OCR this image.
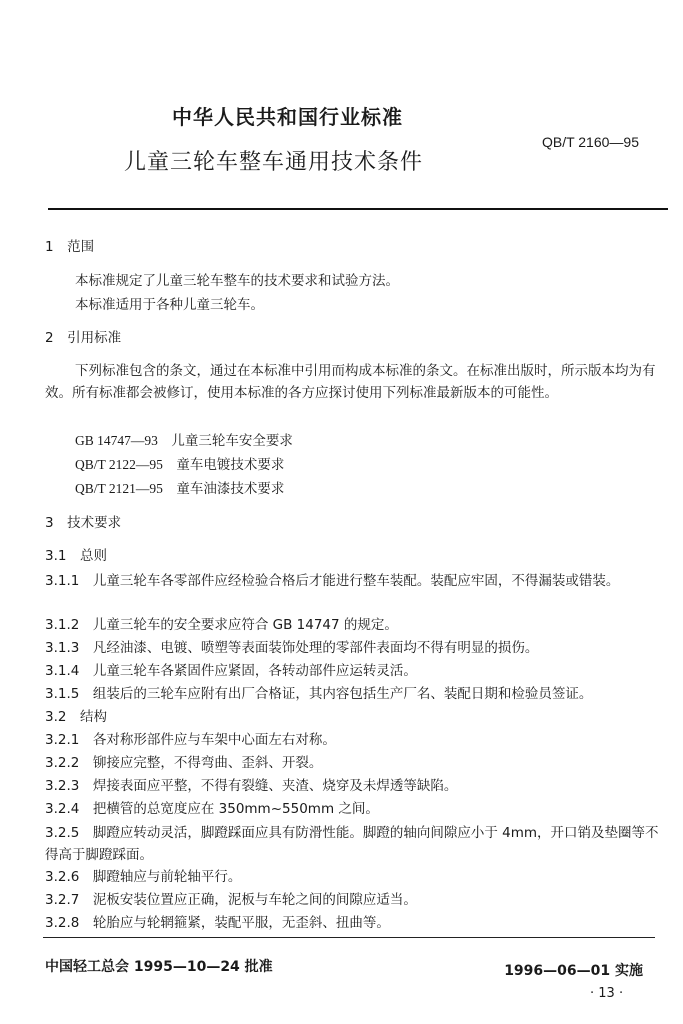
中华人民共和国行业标准
QB/T 2160—95
儿童三轮车整车通用技术条件
1　范围
本标准规定了儿童三轮车整车的技术要求和试验方法。
本标准适用于各种儿童三轮车。
2　引用标准
下列标准包含的条文，通过在本标准中引用而构成本标准的条文。在标准出版时，所示版本均为有效。所有标准都会被修订，使用本标准的各方应探讨使用下列标准最新版本的可能性。
GB 14747—93　儿童三轮车安全要求
QB/T 2122—95　童车电镀技术要求
QB/T 2121—95　童车油漆技术要求
3　技术要求
3.1　总则
3.1.1　儿童三轮车各零部件应经检验合格后才能进行整车装配。装配应牢固，不得漏装或错装。
3.1.2　儿童三轮车的安全要求应符合 GB 14747 的规定。
3.1.3　凡经油漆、电镀、喷塑等表面装饰处理的零部件表面均不得有明显的损伤。
3.1.4　儿童三轮车各紧固件应紧固，各转动部件应运转灵活。
3.1.5　组装后的三轮车应附有出厂合格证，其内容包括生产厂名、装配日期和检验员签证。
3.2　结构
3.2.1　各对称形部件应与车架中心面左右对称。
3.2.2　铆接应完整，不得弯曲、歪斜、开裂。
3.2.3　焊接表面应平整，不得有裂缝、夹渣、烧穿及未焊透等缺陷。
3.2.4　把横管的总宽度应在 350mm~550mm 之间。
3.2.5　脚蹬应转动灵活，脚蹬踩面应具有防滑性能。脚蹬的轴向间隙应小于 4mm，开口销及垫圈等不得高于脚蹬踩面。
3.2.6　脚蹬轴应与前轮轴平行。
3.2.7　泥板安装位置应正确，泥板与车轮之间的间隙应适当。
3.2.8　轮胎应与轮辋箍紧，装配平服，无歪斜、扭曲等。
中国轻工总会 1995—10—24 批准	1996—06—01 实施
· 13 ·
